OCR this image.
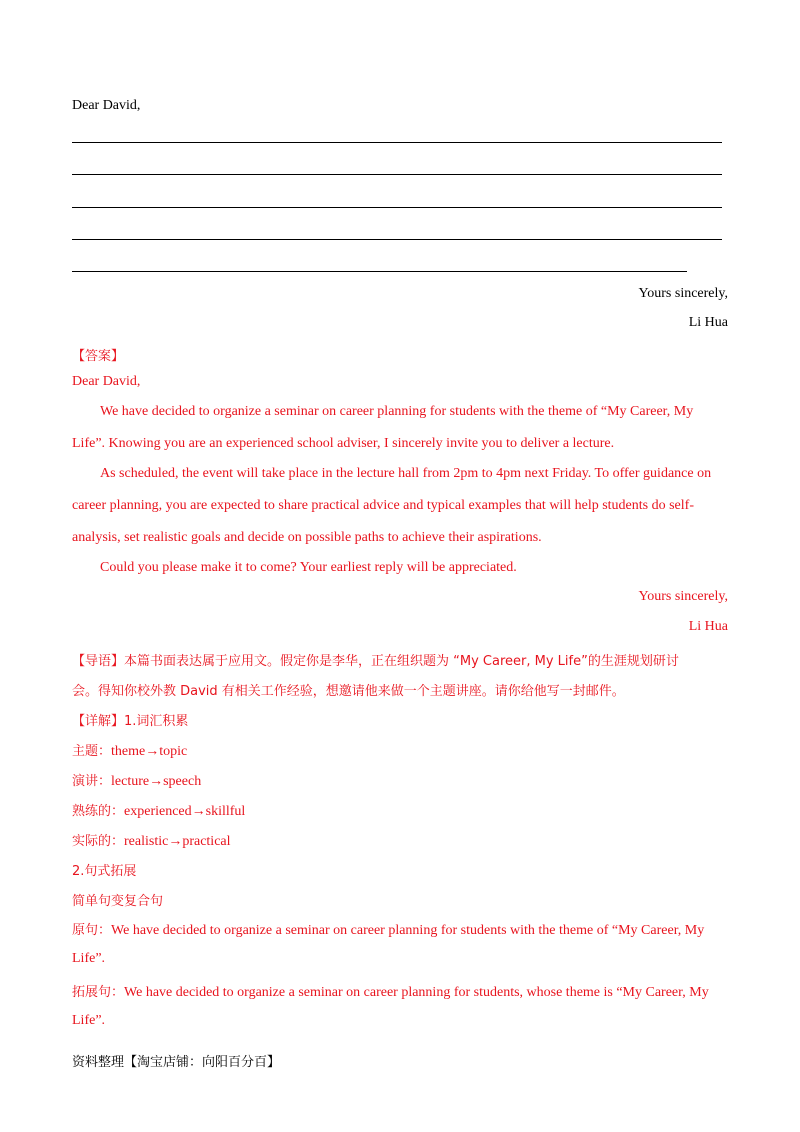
Dear David,
Yours sincerely,
Li Hua
【答案】
Dear David,
We have decided to organize a seminar on career planning for students with the theme of “My Career, My
Life”. Knowing you are an experienced school adviser, I sincerely invite you to deliver a lecture.
As scheduled, the event will take place in the lecture hall from 2pm to 4pm next Friday. To offer guidance on
career planning, you are expected to share practical advice and typical examples that will help students do self-
analysis, set realistic goals and decide on possible paths to achieve their aspirations.
Could you please make it to come? Your earliest reply will be appreciated.
Yours sincerely,
Li Hua
【导语】本篇书面表达属于应用文。假定你是李华，正在组织题为 “My Career, My Life”的生涯规划研讨
会。得知你校外教 David 有相关工作经验，想邀请他来做一个主题讲座。请你给他写一封邮件。
【详解】1.词汇积累
主题：theme→topic
演讲：lecture→speech
熟练的：experienced→skillful
实际的：realistic→practical
2.句式拓展
简单句变复合句
原句：We have decided to organize a seminar on career planning for students with the theme of “My Career, My
Life”.
拓展句：We have decided to organize a seminar on career planning for students, whose theme is “My Career, My
Life”.
资料整理【淘宝店铺：向阳百分百】
